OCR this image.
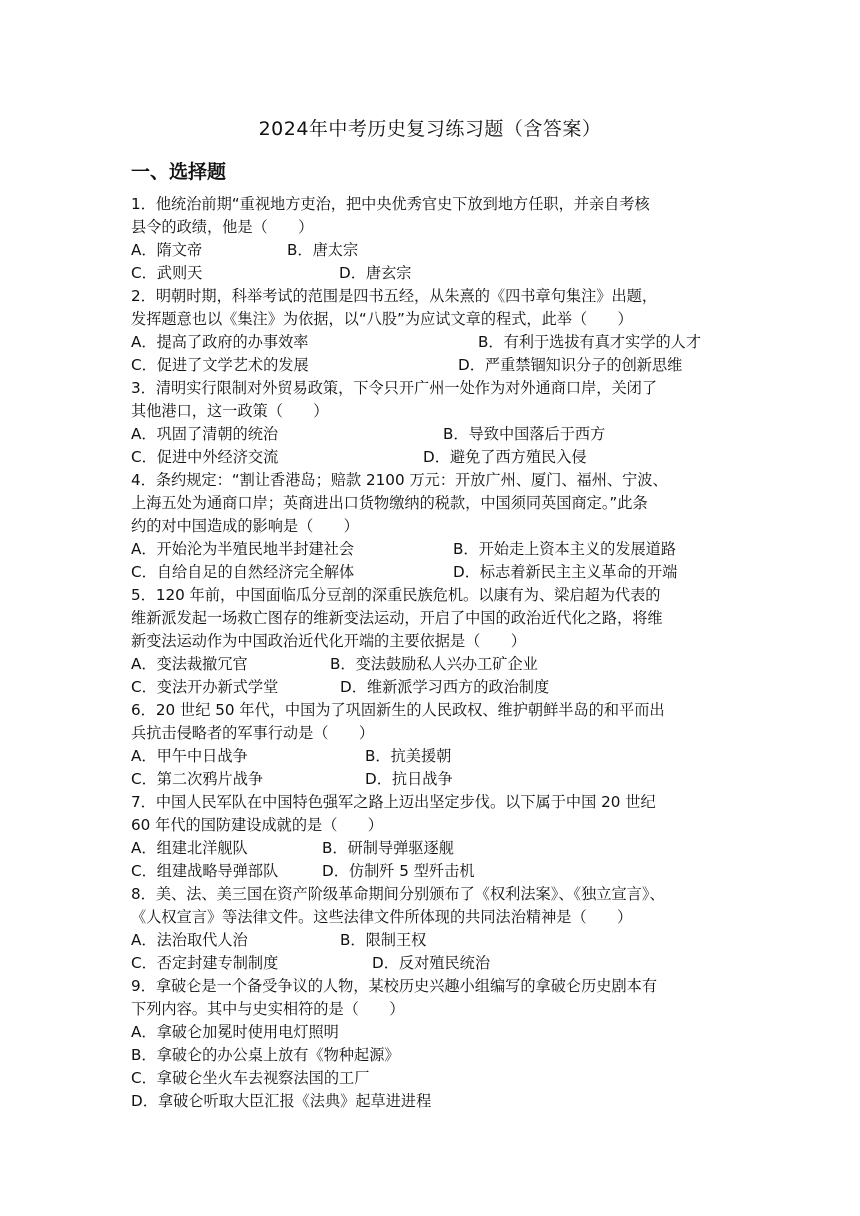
2024年中考历史复习练习题（含答案）
一、选择题
1．他统治前期“重视地方吏治，把中央优秀官史下放到地方任职，并亲自考核
县令的政绩，他是（　　）
A．隋文帝	B．唐太宗
C．武则天	D．唐玄宗
2．明朝时期，科举考试的范围是四书五经，从朱熹的《四书章句集注》出题，
发挥题意也以《集注》为依据，以“八股”为应试文章的程式，此举（　　）
A．提高了政府的办事效率	B．有利于选拔有真才实学的人才
C．促进了文学艺术的发展	D．严重禁锢知识分子的创新思维
3．清明实行限制对外贸易政策，下令只开广州一处作为对外通商口岸，关闭了
其他港口，这一政策（　　）
A．巩固了清朝的统治	B．导致中国落后于西方
C．促进中外经济交流	D．避免了西方殖民入侵
4．条约规定：“割让香港岛；赔款 2100 万元：开放广州、厦门、福州、宁波、
上海五处为通商口岸；英商进出口货物缴纳的税款，中国须同英国商定。”此条
约的对中国造成的影响是（　　）
A．开始沦为半殖民地半封建社会	B．开始走上资本主义的发展道路
C．自给自足的自然经济完全解体	D．标志着新民主主义革命的开端
5．120 年前，中国面临瓜分豆剖的深重民族危机。以康有为、梁启超为代表的
维新派发起一场救亡图存的维新变法运动，开启了中国的政治近代化之路，将维
新变法运动作为中国政治近代化开端的主要依据是（　　）
A．变法裁撤冗官	B．变法鼓励私人兴办工矿企业
C．变法开办新式学堂	D．维新派学习西方的政治制度
6．20 世纪 50 年代，中国为了巩固新生的人民政权、维护朝鲜半岛的和平而出
兵抗击侵略者的军事行动是（　　）
A．甲午中日战争	B．抗美援朝
C．第二次鸦片战争	D．抗日战争
7．中国人民军队在中国特色强军之路上迈出坚定步伐。以下属于中国 20 世纪
60 年代的国防建设成就的是（　　）
A．组建北洋舰队	B．研制导弹驱逐舰
C．组建战略导弹部队	D．仿制歼 5 型歼击机
8．美、法、美三国在资产阶级革命期间分别颁布了《权利法案》、《独立宣言》、
《人权宣言》等法律文件。这些法律文件所体现的共同法治精神是（　　）
A．法治取代人治	B．限制王权
C．否定封建专制制度	D．反对殖民统治
9．拿破仑是一个备受争议的人物，某校历史兴趣小组编写的拿破仑历史剧本有
下列内容。其中与史实相符的是（　　）
A．拿破仑加冕时使用电灯照明
B．拿破仑的办公桌上放有《物种起源》
C．拿破仑坐火车去视察法国的工厂
D．拿破仑听取大臣汇报《法典》起草进进程
